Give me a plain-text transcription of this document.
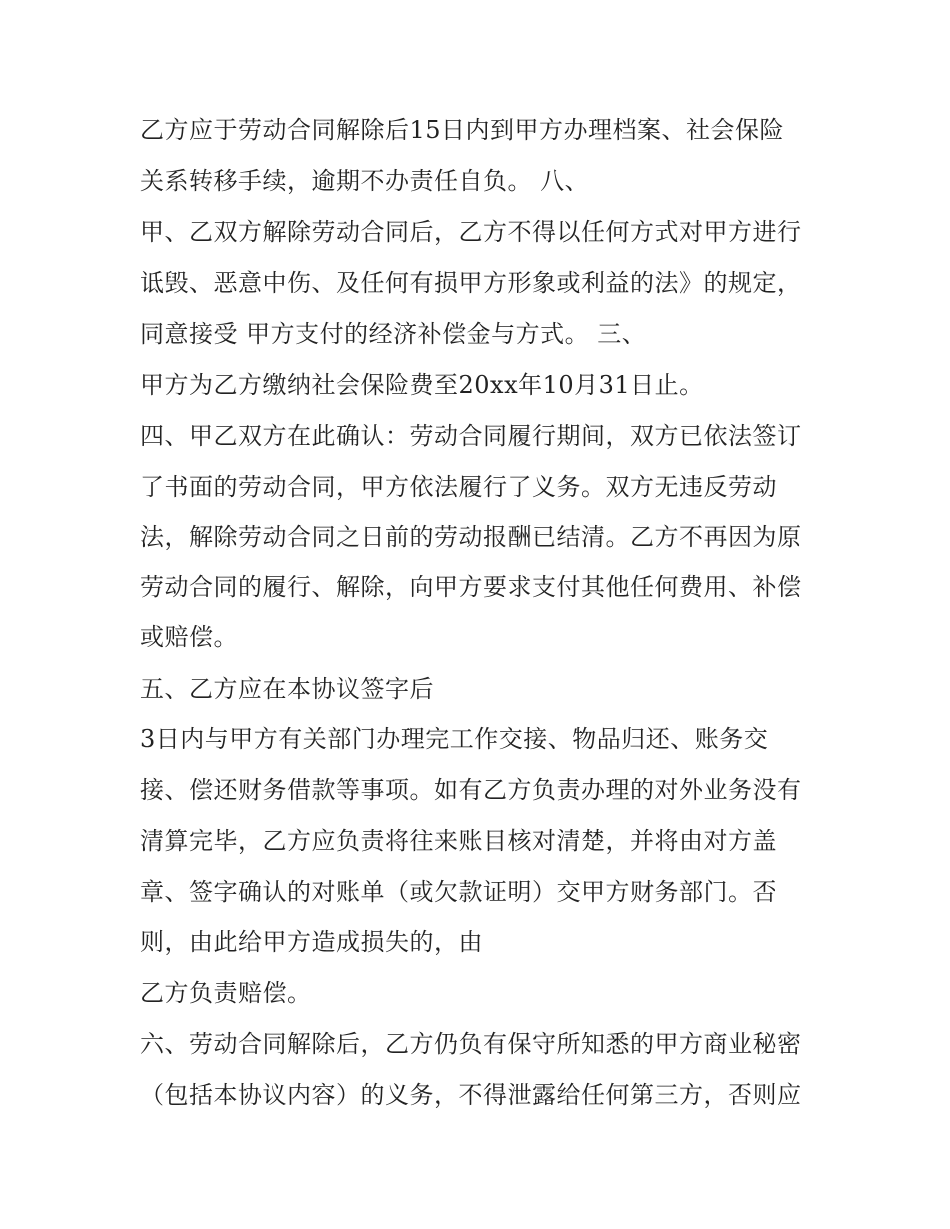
乙方应于劳动合同解除后15日内到甲方办理档案、社会保险
关系转移手续，逾期不办责任自负。 八、
甲、乙双方解除劳动合同后，乙方不得以任何方式对甲方进行
诋毁、恶意中伤、及任何有损甲方形象或利益的法》的规定，
同意接受 甲方支付的经济补偿金与方式。 三、
甲方为乙方缴纳社会保险费至20xx年10月31日止。
四、甲乙双方在此确认：劳动合同履行期间，双方已依法签订
了书面的劳动合同，甲方依法履行了义务。双方无违反劳动
法，解除劳动合同之日前的劳动报酬已结清。乙方不再因为原
劳动合同的履行、解除，向甲方要求支付其他任何费用、补偿
或赔偿。
五、乙方应在本协议签字后
3日内与甲方有关部门办理完工作交接、物品归还、账务交
接、偿还财务借款等事项。如有乙方负责办理的对外业务没有
清算完毕，乙方应负责将往来账目核对清楚，并将由对方盖
章、签字确认的对账单（或欠款证明）交甲方财务部门。否
则，由此给甲方造成损失的，由
乙方负责赔偿。
六、劳动合同解除后，乙方仍负有保守所知悉的甲方商业秘密
（包括本协议内容）的义务，不得泄露给任何第三方，否则应
